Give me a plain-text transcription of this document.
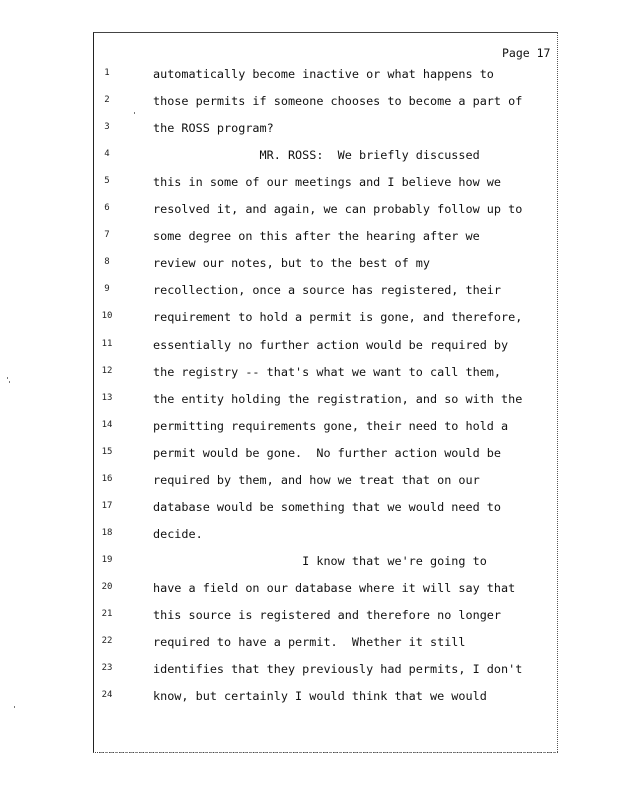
Page 17
1	automatically become inactive or what happens to
2	those permits if someone chooses to become a part of
3	the ROSS program?
4	MR. ROSS:  We briefly discussed
5	this in some of our meetings and I believe how we
6	resolved it, and again, we can probably follow up to
7	some degree on this after the hearing after we
8	review our notes, but to the best of my
9	recollection, once a source has registered, their
10	requirement to hold a permit is gone, and therefore,
11	essentially no further action would be required by
12	the registry -- that's what we want to call them,
13	the entity holding the registration, and so with the
14	permitting requirements gone, their need to hold a
15	permit would be gone.  No further action would be
16	required by them, and how we treat that on our
17	database would be something that we would need to
18	decide.
19	I know that we're going to
20	have a field on our database where it will say that
21	this source is registered and therefore no longer
22	required to have a permit.  Whether it still
23	identifies that they previously had permits, I don't
24	know, but certainly I would think that we would
